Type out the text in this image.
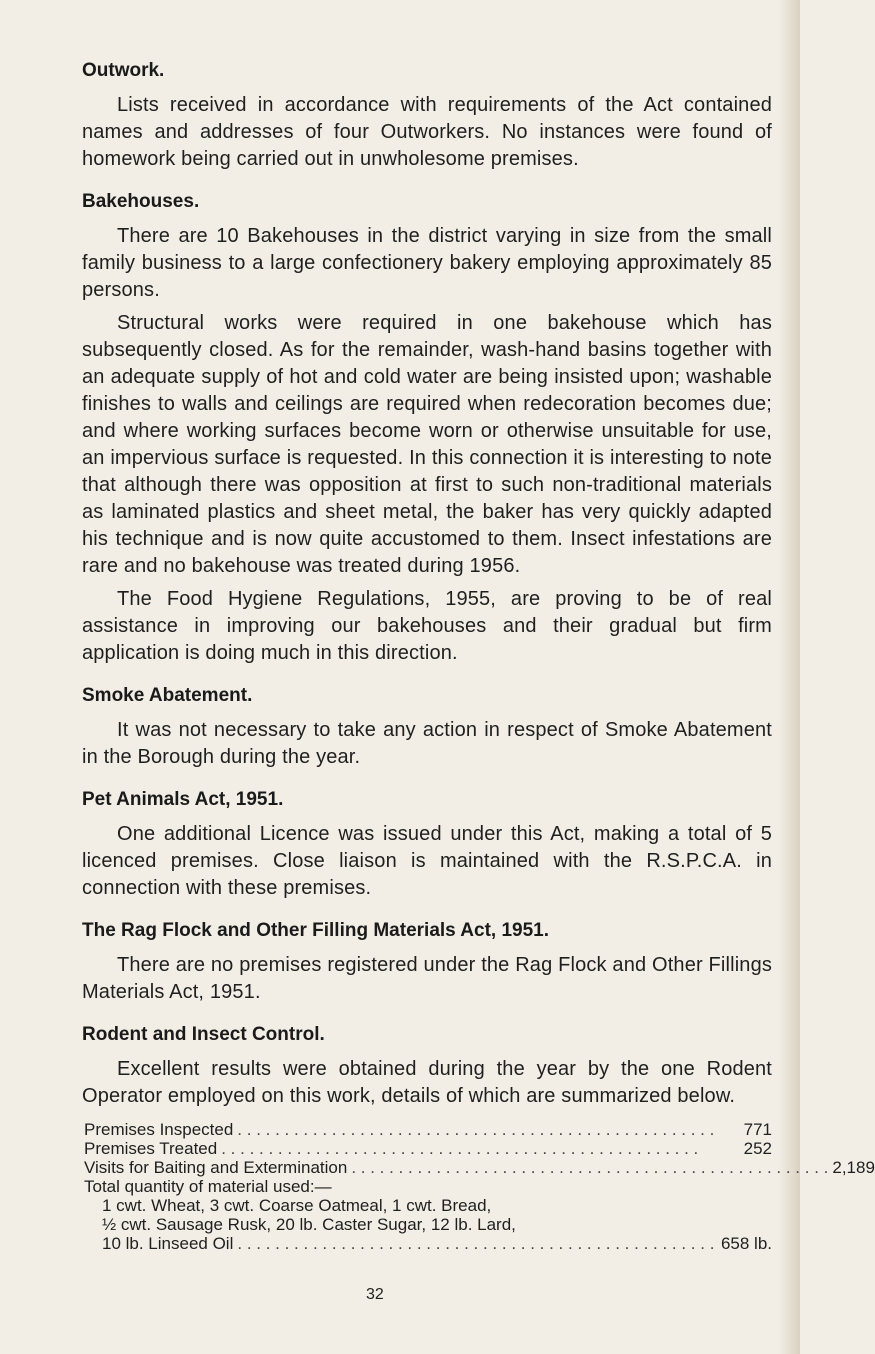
Outwork.

Lists received in accordance with requirements of the Act contained names and addresses of four Outworkers. No instances were found of homework being carried out in unwholesome premises.

Bakehouses.

There are 10 Bakehouses in the district varying in size from the small family business to a large confectionery bakery employing approximately 85 persons.

Structural works were required in one bakehouse which has subsequently closed. As for the remainder, wash-hand basins together with an adequate supply of hot and cold water are being insisted upon; washable finishes to walls and ceilings are required when redecoration becomes due; and where working surfaces become worn or otherwise unsuitable for use, an impervious surface is requested. In this connection it is interesting to note that although there was opposition at first to such non-traditional materials as laminated plastics and sheet metal, the baker has very quickly adapted his technique and is now quite accustomed to them. Insect infestations are rare and no bakehouse was treated during 1956.

The Food Hygiene Regulations, 1955, are proving to be of real assistance in improving our bakehouses and their gradual but firm application is doing much in this direction.

Smoke Abatement.

It was not necessary to take any action in respect of Smoke Abatement in the Borough during the year.

Pet Animals Act, 1951.

One additional Licence was issued under this Act, making a total of 5 licenced premises. Close liaison is maintained with the R.S.P.C.A. in connection with these premises.

The Rag Flock and Other Filling Materials Act, 1951.

There are no premises registered under the Rag Flock and Other Fillings Materials Act, 1951.

Rodent and Insect Control.

Excellent results were obtained during the year by the one Rodent Operator employed on this work, details of which are summarized below.

Premises Inspected . . . . . . . . . . . . . . . . . . . . . . . . . . . . . . . . . . . . . . . . . . . . . . . . . . .	771
Premises Treated . . . . . . . . . . . . . . . . . . . . . . . . . . . . . . . . . . . . . . . . . . . . . . . . . . .	252
Visits for Baiting and Extermination . . . . . . . . . . . . . . . . . . . . . . . . . . . . . . . . . . . . . . . . . . . . . . . . . . . 2,189
Total quantity of material used:—
1 cwt. Wheat, 3 cwt. Coarse Oatmeal, 1 cwt. Bread,
½ cwt. Sausage Rusk, 20 lb. Caster Sugar, 12 lb. Lard,
10 lb. Linseed Oil . . . . . . . . . . . . . . . . . . . . . . . . . . . . . . . . . . . . . . . . . . . . . . . . . . . 658 lb.
32
